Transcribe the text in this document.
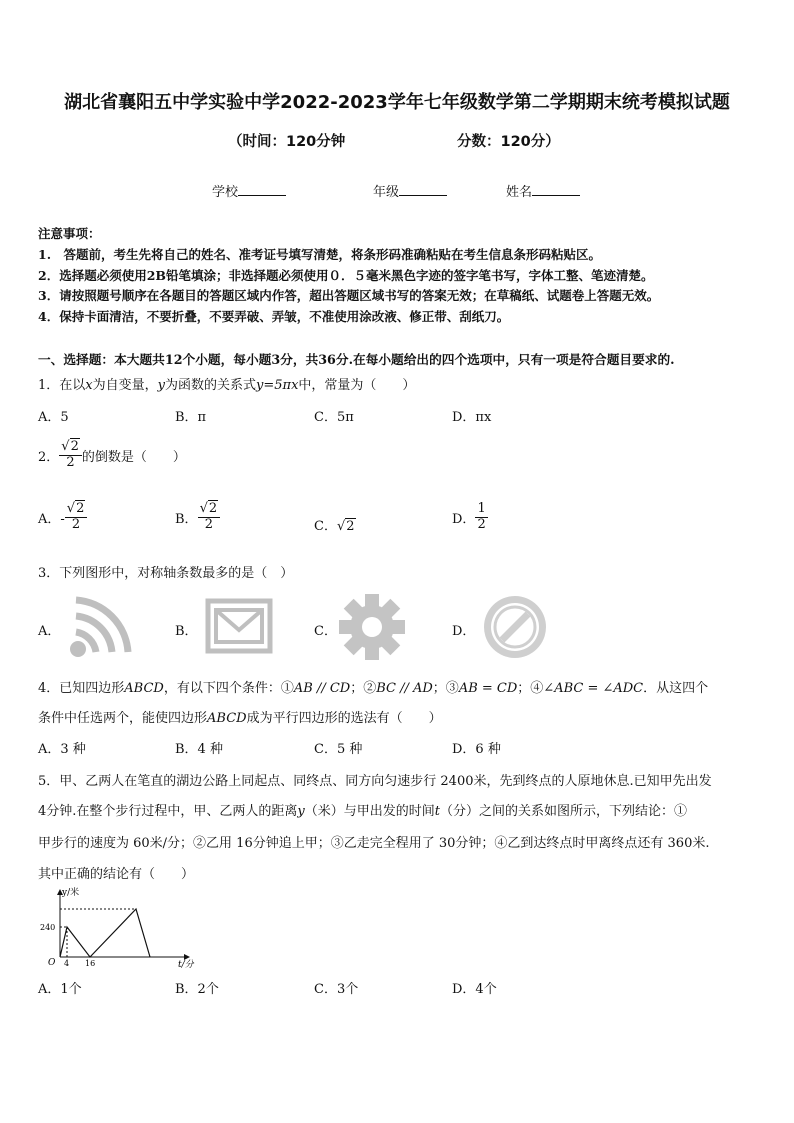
湖北省襄阳五中学实验中学2022-2023学年七年级数学第二学期期末统考模拟试题
（时间：120分钟	分数：120分）
学校	年级	姓名
注意事项：
1.　答题前，考生先将自己的姓名、准考证号填写清楚，将条形码准确粘贴在考生信息条形码粘贴区。
2．选择题必须使用2B铅笔填涂；非选择题必须使用０．５毫米黑色字迹的签字笔书写，字体工整、笔迹清楚。
3．请按照题号顺序在各题目的答题区域内作答，超出答题区域书写的答案无效；在草稿纸、试题卷上答题无效。
4．保持卡面清洁，不要折叠，不要弄破、弄皱，不准使用涂改液、修正带、刮纸刀。
一、选择题：本大题共12个小题，每小题3分，共36分.在每小题给出的四个选项中，只有一项是符合题目要求的.
1．在以x为自变量，y为函数的关系式y=5πx中，常量为（　　）
A．5	B．π	C．5π	D．πx
2． $\frac{√2}{2}$ 的倒数是（　　）
A．- $\frac{√2}{2}$	B． $\frac{√2}{2}$	C．√2	D． $\frac{1}{2}$
3．下列图形中，对称轴条数最多的是（　）
A．	B．	C．	D．
4．已知四边形ABCD，有以下四个条件：①AB // CD；②BC // AD；③AB = CD；④∠ABC = ∠ADC．从这四个
条件中任选两个，能使四边形ABCD成为平行四边形的选法有（　　）
A．3 种	B．4 种	C．5 种	D．6 种
5．甲、乙两人在笔直的湖边公路上同起点、同终点、同方向匀速步行 2400米，先到终点的人原地休息.已知甲先出发
4分钟.在整个步行过程中，甲、乙两人的距离y（米）与甲出发的时间t（分）之间的关系如图所示，下列结论：①
甲步行的速度为 60米/分；②乙用 16分钟追上甲；③乙走完全程用了 30分钟；④乙到达终点时甲离终点还有 360米.
其中正确的结论有（　　）
y/米
t/分
O
240
4 16
A．1个	B．2个	C．3个	D．4个
